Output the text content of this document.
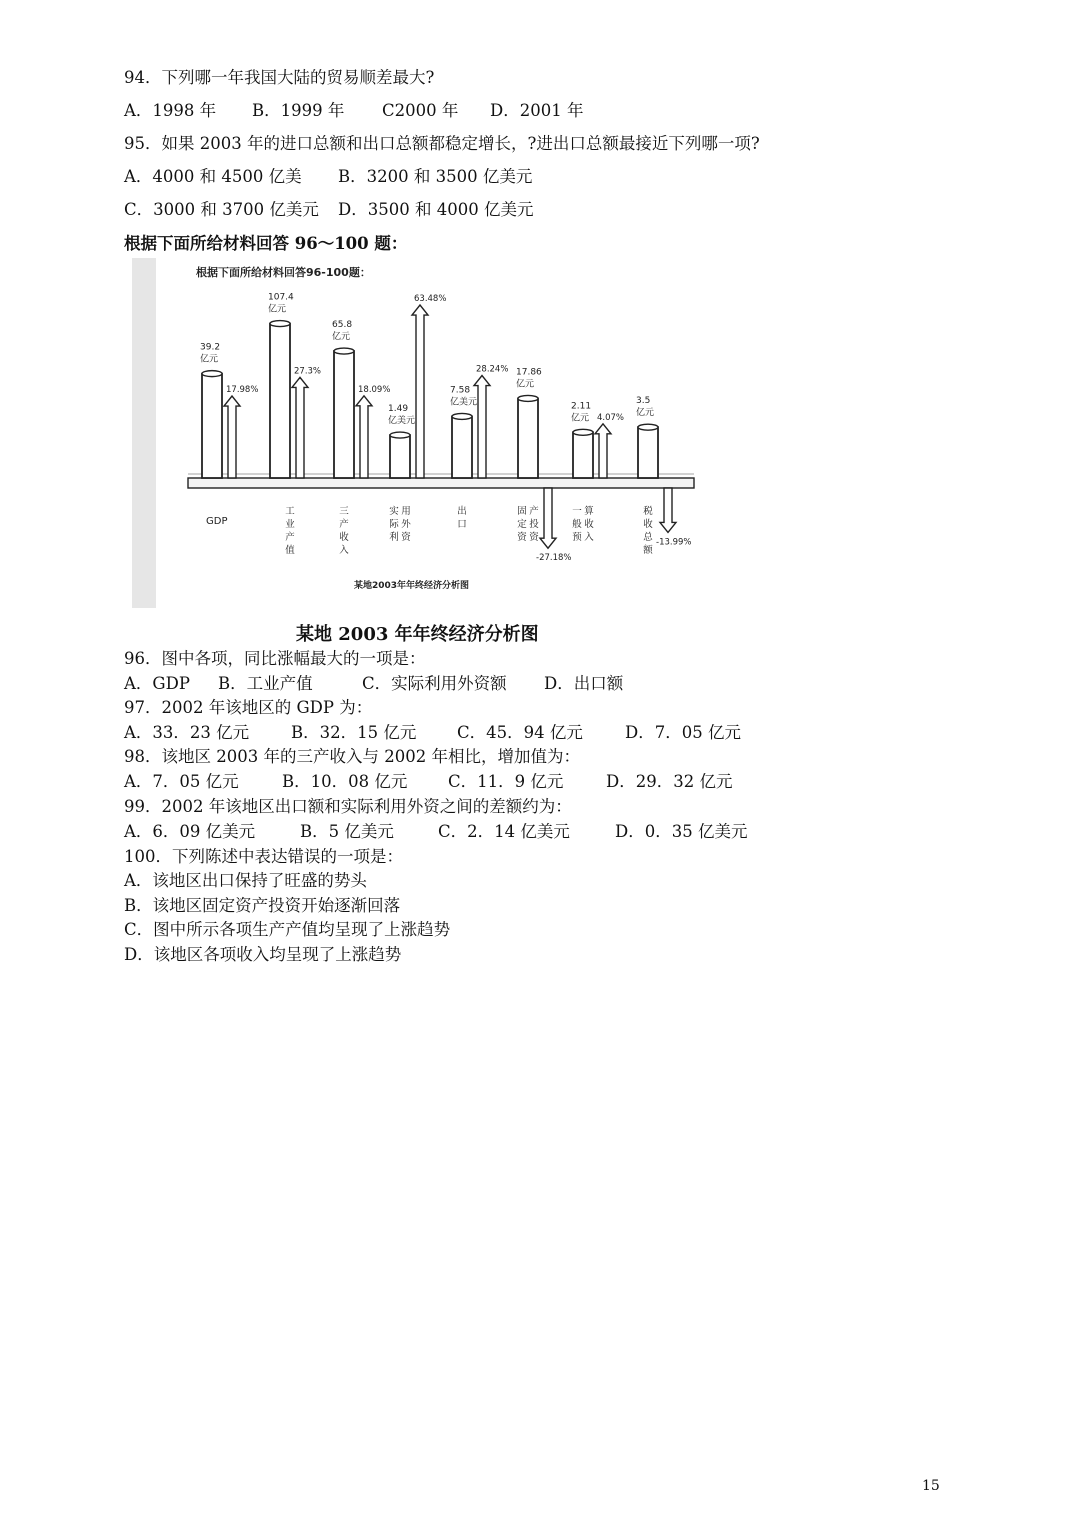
94．下列哪一年我国大陆的贸易顺差最大?
A．1998 年 B．1999 年 C2000 年 D．2001 年
95．如果 2003 年的进口总额和出口总额都稳定增长，?进出口总额最接近下列哪一项?
A．4000 和 4500 亿美 B．3200 和 3500 亿美元
C．3000 和 3700 亿美元 D．3500 和 4000 亿美元
根据下面所给材料回答 96～100 题：
根据下面所给材料回答96-100题：
某地2003年年终经济分析图
39.2
亿元
17.98%
107.4
亿元
27.3%
65.8
亿元
18.09%
1.49
亿美元
63.48%
7.58
亿美元
28.24% 17.86
亿元
-27.18%
2.11
亿元 4.07%
3.5
亿元
-13.99%
GDP
工业产值
三产收入
实际利用外资
出口
固定资产投资
一般预算收入
税收总额
某地 2003 年年终经济分析图
96．图中各项，同比涨幅最大的一项是：
A．GDP B．工业产值	C．实际利用外资额 D．出口额
97．2002 年该地区的 GDP 为：
A．33．23 亿元	B．32．15 亿元 C．45．94 亿元	D．7．05 亿元
98．该地区 2003 年的三产收入与 2002 年相比，增加值为：
A．7．05 亿元	B．10．08 亿元 C．11．9 亿元	D．29．32 亿元
99．2002 年该地区出口额和实际利用外资之间的差额约为：
A．6．09 亿美元	B．5 亿美元	C．2．14 亿美元	D．0．35 亿美元
100．下列陈述中表达错误的一项是：
A．该地区出口保持了旺盛的势头
B．该地区固定资产投资开始逐渐回落
C．图中所示各项生产产值均呈现了上涨趋势
D．该地区各项收入均呈现了上涨趋势
15
